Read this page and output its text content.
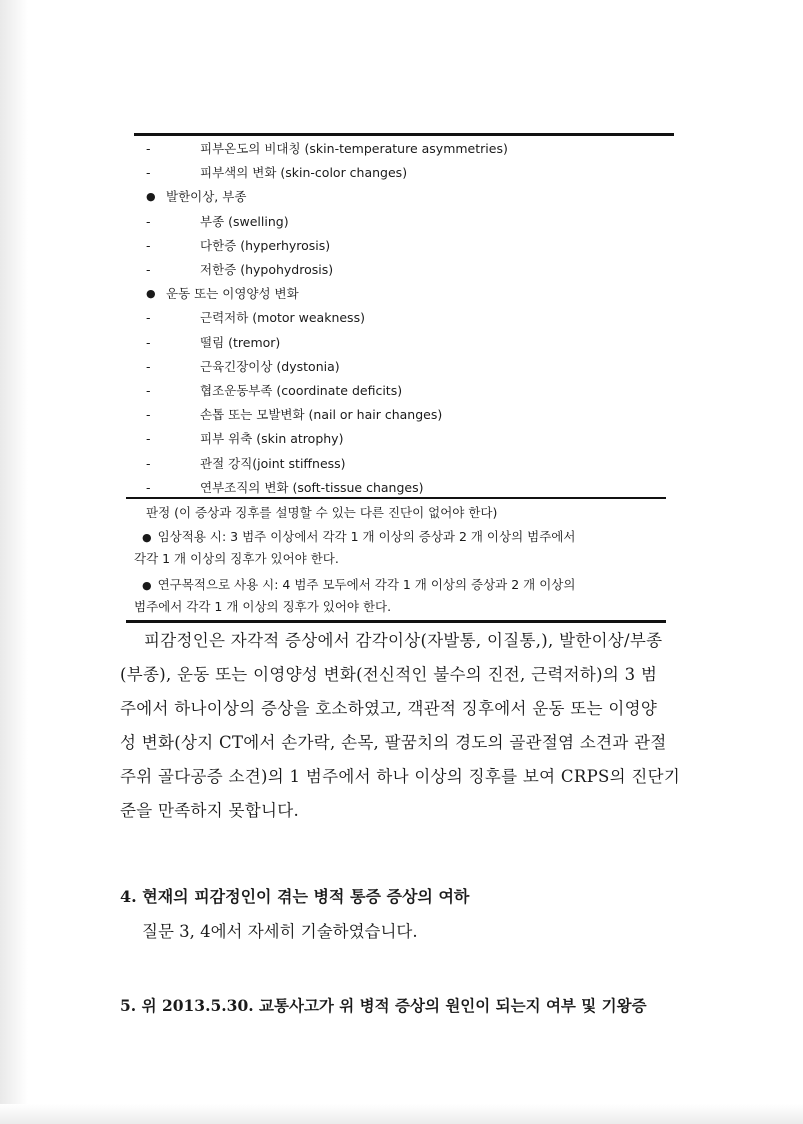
-	피부온도의 비대칭 (skin-temperature asymmetries)
-	피부색의 변화 (skin-color changes)
● 발한이상, 부종
-	부종 (swelling)
-	다한증 (hyperhyrosis)
-	저한증 (hypohydrosis)
● 운동 또는 이영양성 변화
-	근력저하 (motor weakness)
-	떨림 (tremor)
-	근육긴장이상 (dystonia)
-	협조운동부족 (coordinate deficits)
-	손톱 또는 모발변화 (nail or hair changes)
-	피부 위축 (skin atrophy)
-	관절 강직(joint stiffness)
-	연부조직의 변화 (soft-tissue changes)
판정 (이 증상과 징후를 설명할 수 있는 다른 진단이 없어야 한다)
● 임상적용 시: 3 범주 이상에서 각각 1 개 이상의 증상과 2 개 이상의 범주에서
각각 1 개 이상의 징후가 있어야 한다.
● 연구목적으로 사용 시: 4 범주 모두에서 각각 1 개 이상의 증상과 2 개 이상의
범주에서 각각 1 개 이상의 징후가 있어야 한다.
피감정인은 자각적 증상에서 감각이상(자발통, 이질통,), 발한이상/부종
(부종), 운동 또는 이영양성 변화(전신적인 불수의 진전, 근력저하)의 3 범
주에서 하나이상의 증상을 호소하였고, 객관적 징후에서 운동 또는 이영양
성 변화(상지 CT에서 손가락, 손목, 팔꿈치의 경도의 골관절염 소견과 관절
주위 골다공증 소견)의 1 범주에서 하나 이상의 징후를 보여 CRPS의 진단기
준을 만족하지 못합니다.
4. 현재의 피감정인이 겪는 병적 통증 증상의 여하
질문 3, 4에서 자세히 기술하였습니다.
5. 위 2013.5.30. 교통사고가 위 병적 증상의 원인이 되는지 여부 및 기왕증
